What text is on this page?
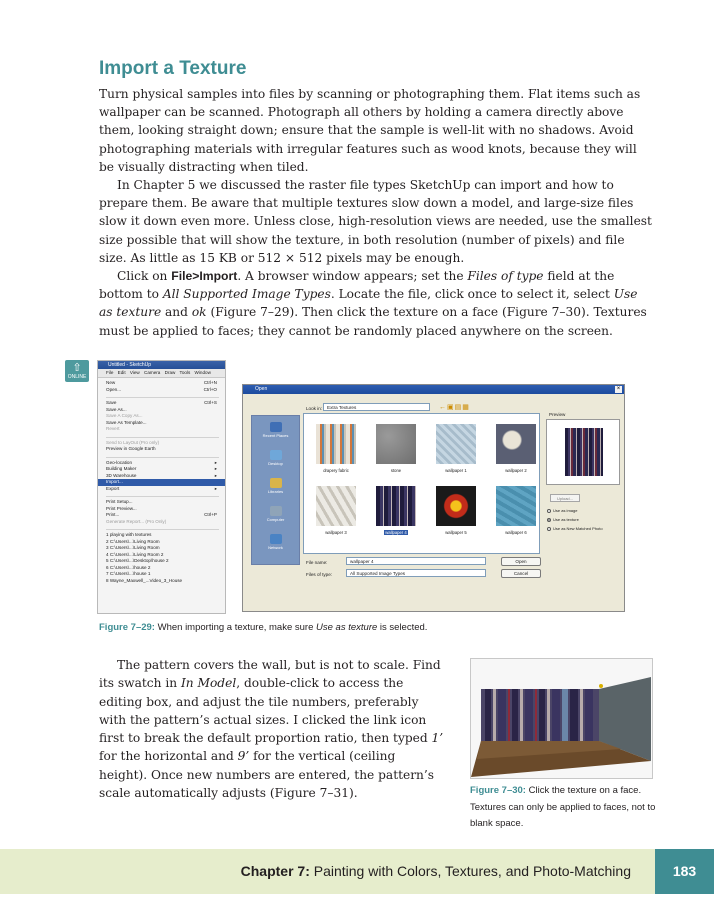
Import a Texture

Turn physical samples into files by scanning or photographing them. Flat items such as wallpaper can be scanned. Photograph all others by holding a camera directly above them, looking straight down; ensure that the sample is well-lit with no shadows. Avoid photographing materials with irregular features such as wood knots, because they will be visually distracting when tiled.

In Chapter 5 we discussed the raster file types SketchUp can import and how to prepare them. Be aware that multiple textures slow down a model, and large-size files slow it down even more. Unless close, high-resolution views are needed, use the smallest size possible that will show the texture, in both resolution (number of pixels) and file size. As little as 15 KB or 512 × 512 pixels may be enough.

Click on File>Import. A browser window appears; set the Files of type field at the bottom to All Supported Image Types. Locate the file, click once to select it, select Use as texture and ok (Figure 7–29). Then click the texture on a face (Figure 7–30). Textures must be applied to faces; they cannot be randomly placed anywhere on the screen.

⇧
ONLINE
Untitled - SketchUp
File Edit View Camera Draw Tools Window
New	Ctrl+N
Open...	Ctrl+O
Save	Ctrl+S
Save As...
Save A Copy As...
Save As Template...
Revert
Send to LayOut (Pro only)
Preview in Google Earth
Geo-location	▸
Building Maker	▸
3D Warehouse	▸
Import...
Export	▸
Print Setup...
Print Preview...
Print...	Ctrl+P
Generate Report... (Pro Only)
1 playing with textures
2 C:\Users\...\Living Room
3 C:\Users\...\Living Room
4 C:\Users\...\Living Room 2
5 C:\Users\...\Desktop\house 2
6 C:\Users\...\house 2
7 C:\Users\...\house 1
8 Wayne_Maxwell_...Video_3_House
Open	×
Look in:	Extra Textures	←▣▤▦
Recent Places
Desktop
Libraries
Computer
Network
drapery fabric	stone	wallpaper 1	wallpaper 2
wallpaper 3	wallpaper 4	wallpaper 5	wallpaper 6
File name:	wallpaper 4
Files of type:	All Supported Image Types
Open
Cancel
Preview
Upload...
Use as image
Use as texture
Use as New Matched Photo
Figure 7–29: When importing a texture, make sure Use as texture is selected.

The pattern covers the wall, but is not to scale. Find its swatch in In Model, double-click to access the editing box, and adjust the tile numbers, preferably with the pattern’s actual sizes. I clicked the link icon first to break the default proportion ratio, then typed 1’ for the horizontal and 9’ for the vertical (ceiling height). Once new numbers are entered, the pattern’s scale automatically adjusts (Figure 7–31).	Figure 7–30: Click the texture on a face. Textures can only be applied to faces, not to blank space.
Chapter 7: Painting with Colors, Textures, and Photo-Matching	183
